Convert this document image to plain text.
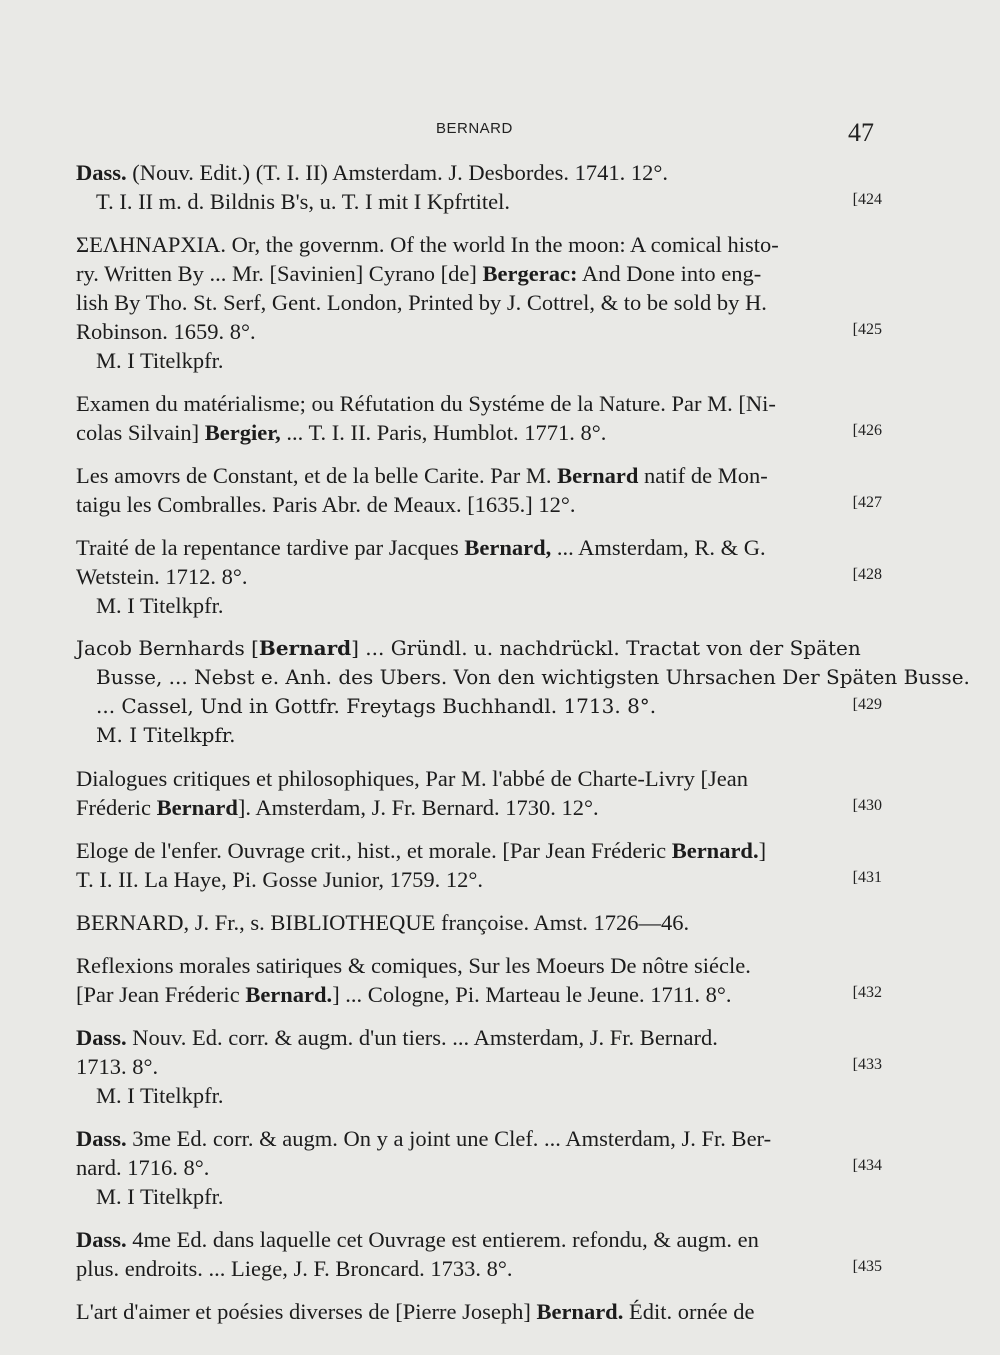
BERNARD	47
Dass. (Nouv. Edit.) (T. I. II) Amsterdam. J. Desbordes. 1741. 12°.
T. I. II m. d. Bildnis B's, u. T. I mit I Kpfrtitel.	[424
ΣΕΛΗΝΑΡΧΙΑ. Or, the governm. Of the world In the moon: A comical histo-
ry. Written By ... Mr. [Savinien] Cyrano [de] Bergerac: And Done into eng-
lish By Tho. St. Serf, Gent. London, Printed by J. Cottrel, & to be sold by H.
Robinson. 1659. 8°.
M. I Titelkpfr.
[425
Examen du matérialisme; ou Réfutation du Systéme de la Nature. Par M. [Ni-
colas Silvain] Bergier, ... T. I. II. Paris, Humblot. 1771. 8°.	[426
Les amovrs de Constant, et de la belle Carite. Par M. Bernard natif de Mon-
taigu les Combralles. Paris Abr. de Meaux. [1635.] 12°.	[427
Traité de la repentance tardive par Jacques Bernard, ... Amsterdam, R. & G.
Wetstein. 1712. 8°.
M. I Titelkpfr.
[428
Jacob Bernhards [Bernard] ... Gründl. u. nachdrückl. Tractat von der Späten
Busse, ... Nebst e. Anh. des Ubers. Von den wichtigsten Uhrsachen Der Späten Busse.
... Cassel, Und in Gottfr. Freytags Buchhandl. 1713. 8°.
M. I Titelkpfr.
[429
Dialogues critiques et philosophiques, Par M. l'abbé de Charte-Livry [Jean
Fréderic Bernard]. Amsterdam, J. Fr. Bernard. 1730. 12°.	[430
Eloge de l'enfer. Ouvrage crit., hist., et morale. [Par Jean Fréderic Bernard.]
T. I. II. La Haye, Pi. Gosse Junior, 1759. 12°.	[431
BERNARD, J. Fr., s. BIBLIOTHEQUE françoise. Amst. 1726—46.
Reflexions morales satiriques & comiques, Sur les Moeurs De nôtre siécle.
[Par Jean Fréderic Bernard.] ... Cologne, Pi. Marteau le Jeune. 1711. 8°.	[432
Dass. Nouv. Ed. corr. & augm. d'un tiers. ... Amsterdam, J. Fr. Bernard.
1713. 8°.
M. I Titelkpfr.
[433
Dass. 3me Ed. corr. & augm. On y a joint une Clef. ... Amsterdam, J. Fr. Ber-
nard. 1716. 8°.
M. I Titelkpfr.
[434
Dass. 4me Ed. dans laquelle cet Ouvrage est entierem. refondu, & augm. en
plus. endroits. ... Liege, J. F. Broncard. 1733. 8°.	[435
L'art d'aimer et poésies diverses de [Pierre Joseph] Bernard. Édit. ornée de
